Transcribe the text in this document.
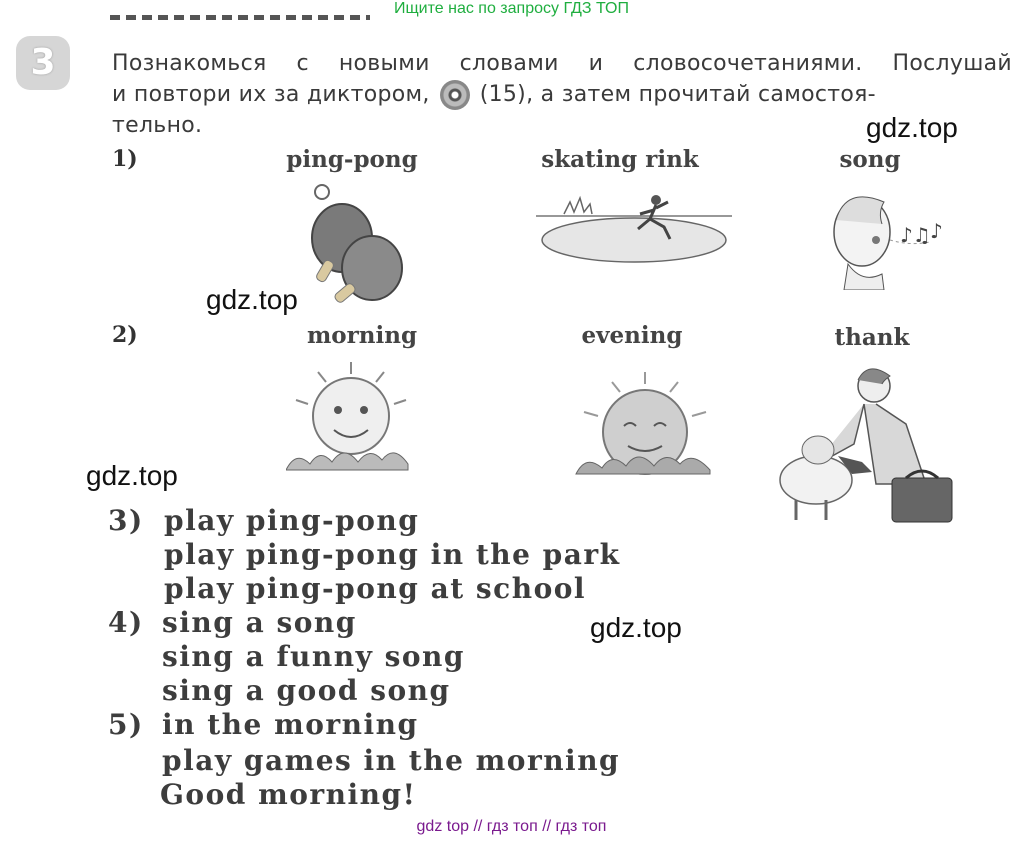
Ищите нас по запросу ГДЗ ТОП
3	Познакомься с новыми словами и словосочетаниями. Послушай
и повтори их за диктором, (15), а затем прочитай самостоя-
тельно.	gdz.top
gdz.top
gdz.top
gdz.top
1)	ping-pong	skating rink	song
♪♫ ♪
2)	morning	evening	thank
3) play ping-pong
play ping-pong in the park
play ping-pong at school
4) sing a song
sing a funny song
sing a good song
5) in the morning
play games in the morning
Good morning!
gdz top // гдз топ // гдз топ
